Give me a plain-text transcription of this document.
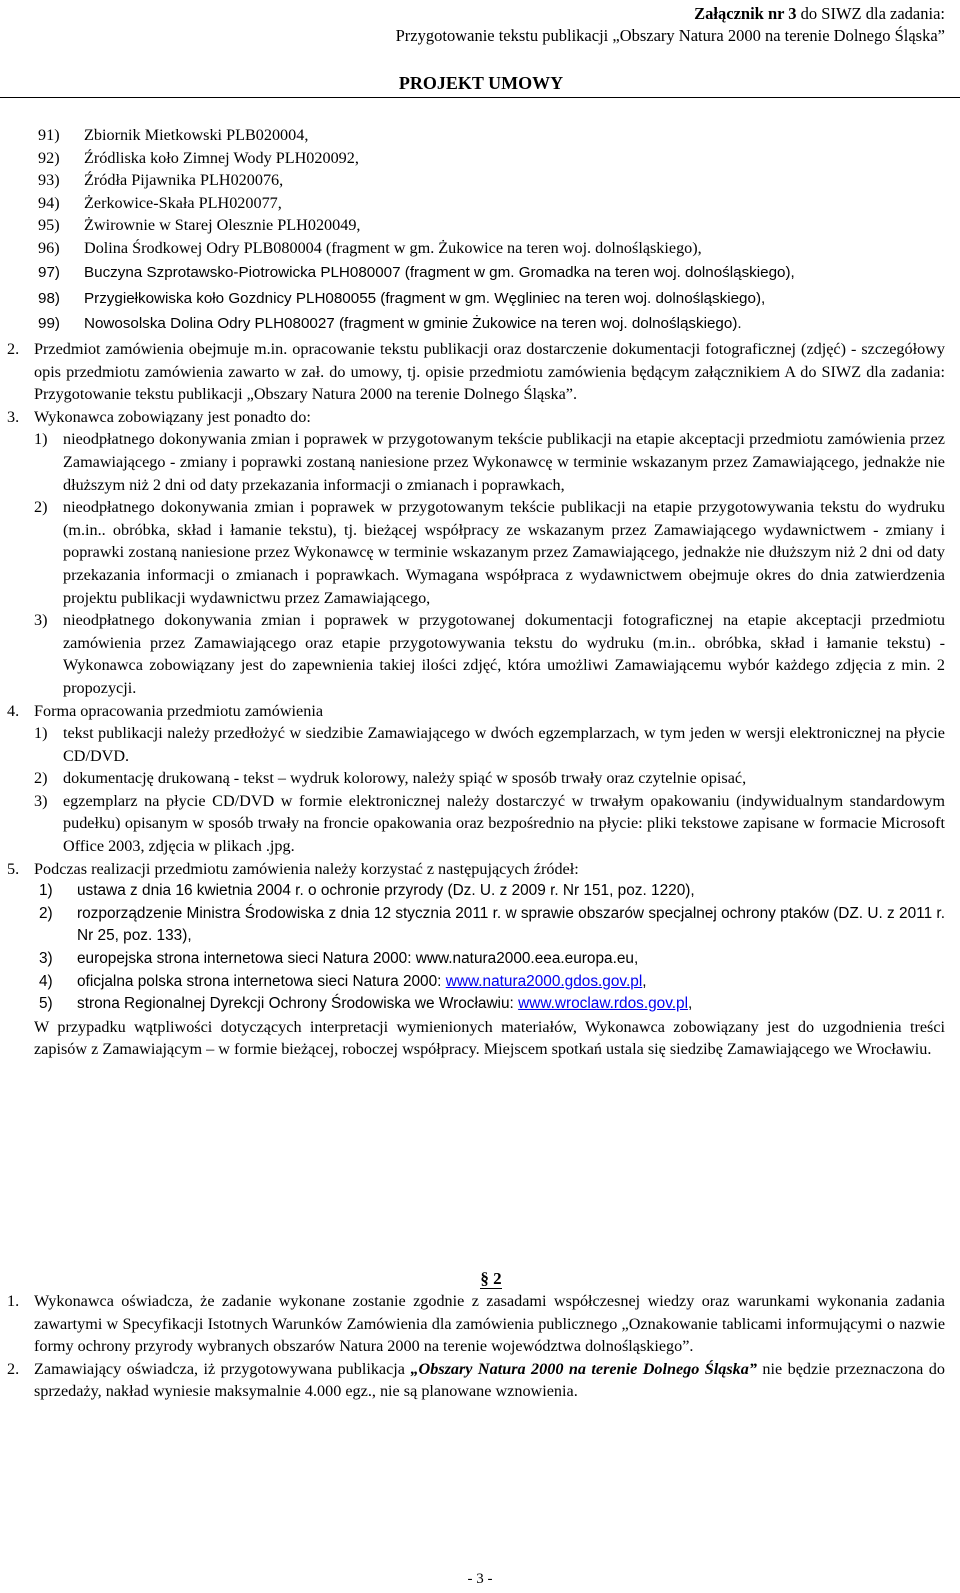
Załącznik nr 3 do SIWZ dla zadania:
Przygotowanie tekstu publikacji „Obszary Natura 2000 na terenie Dolnego Śląska”
PROJEKT UMOWY
91)	Zbiornik Mietkowski PLB020004,
92)	Źródliska koło Zimnej Wody PLH020092,
93)	Źródła Pijawnika PLH020076,
94)	Żerkowice-Skała PLH020077,
95)	Żwirownie w Starej Olesznie PLH020049,
96)	Dolina Środkowej Odry PLB080004 (fragment w gm. Żukowice na teren woj. dolnośląskiego),
97)	Buczyna Szprotawsko-Piotrowicka PLH080007 (fragment w gm. Gromadka na teren woj. dolnośląskiego),
98)	Przygiełkowiska koło Gozdnicy PLH080055 (fragment w gm. Węgliniec na teren woj. dolnośląskiego),
99)	Nowosolska Dolina Odry PLH080027 (fragment w gminie Żukowice na teren woj. dolnośląskiego).
2. Przedmiot zamówienia obejmuje m.in. opracowanie tekstu publikacji oraz dostarczenie dokumentacji fotograficznej (zdjęć) - szczegółowy opis przedmiotu zamówienia zawarto w zał. do umowy, tj. opisie przedmiotu zamówienia będącym załącznikiem A do SIWZ dla zadania: Przygotowanie tekstu publikacji „Obszary Natura 2000 na terenie Dolnego Śląska”.
3. Wykonawca zobowiązany jest ponadto do:
1) nieodpłatnego dokonywania zmian i poprawek w przygotowanym tekście publikacji na etapie akceptacji przedmiotu zamówienia przez Zamawiającego - zmiany i poprawki zostaną naniesione przez Wykonawcę w terminie wskazanym przez Zamawiającego, jednakże nie dłuższym niż 2 dni od daty przekazania informacji o zmianach i poprawkach,
2) nieodpłatnego dokonywania zmian i poprawek w przygotowanym tekście publikacji na etapie przygotowywania tekstu do wydruku (m.in.. obróbka, skład i łamanie tekstu), tj. bieżącej współpracy ze wskazanym przez Zamawiającego wydawnictwem - zmiany i poprawki zostaną naniesione przez Wykonawcę w terminie wskazanym przez Zamawiającego, jednakże nie dłuższym niż 2 dni od daty przekazania informacji o zmianach i poprawkach. Wymagana współpraca z wydawnictwem obejmuje okres do dnia zatwierdzenia projektu publikacji wydawnictwu przez Zamawiającego,
3) nieodpłatnego dokonywania zmian i poprawek w przygotowanej dokumentacji fotograficznej na etapie akceptacji przedmiotu zamówienia przez Zamawiającego oraz etapie przygotowywania tekstu do wydruku (m.in.. obróbka, skład i łamanie tekstu) - Wykonawca zobowiązany jest do zapewnienia takiej ilości zdjęć, która umożliwi Zamawiającemu wybór każdego zdjęcia z min. 2 propozycji.
4. Forma opracowania przedmiotu zamówienia
1) tekst publikacji należy przedłożyć w siedzibie Zamawiającego w dwóch egzemplarzach, w tym jeden w wersji elektronicznej na płycie CD/DVD.
2) dokumentację drukowaną - tekst – wydruk kolorowy, należy spiąć w sposób trwały oraz czytelnie opisać,
3) egzemplarz na płycie CD/DVD w formie elektronicznej należy dostarczyć w trwałym opakowaniu (indywidualnym standardowym pudełku) opisanym w sposób trwały na froncie opakowania oraz bezpośrednio na płycie: pliki tekstowe zapisane w formacie Microsoft Office 2003, zdjęcia w plikach .jpg.
5. Podczas realizacji przedmiotu zamówienia należy korzystać z następujących źródeł:
1)	ustawa z dnia 16 kwietnia 2004 r. o ochronie przyrody (Dz. U. z 2009 r. Nr 151, poz. 1220),
2)	rozporządzenie Ministra Środowiska z dnia 12 stycznia 2011 r. w sprawie obszarów specjalnej ochrony ptaków (DZ. U. z 2011 r. Nr 25, poz. 133),
3)	europejska strona internetowa sieci Natura 2000: www.natura2000.eea.europa.eu,
4)	oficjalna polska strona internetowa sieci Natura 2000: www.natura2000.gdos.gov.pl,
5)	strona Regionalnej Dyrekcji Ochrony Środowiska we Wrocławiu: www.wroclaw.rdos.gov.pl,
W przypadku wątpliwości dotyczących interpretacji wymienionych materiałów, Wykonawca zobowiązany jest do uzgodnienia treści zapisów z Zamawiającym – w formie bieżącej, roboczej współpracy. Miejscem spotkań ustala się siedzibę Zamawiającego we Wrocławiu.
§ 2
1. Wykonawca oświadcza, że zadanie wykonane zostanie zgodnie z zasadami współczesnej wiedzy oraz warunkami wykonania zadania zawartymi w Specyfikacji Istotnych Warunków Zamówienia dla zamówienia publicznego „Oznakowanie tablicami informującymi o nazwie formy ochrony przyrody wybranych obszarów Natura 2000 na terenie województwa dolnośląskiego”.
2. Zamawiający oświadcza, iż przygotowywana publikacja „Obszary Natura 2000 na terenie Dolnego Śląska” nie będzie przeznaczona do sprzedaży, nakład wyniesie maksymalnie 4.000 egz., nie są planowane wznowienia.
- 3 -
